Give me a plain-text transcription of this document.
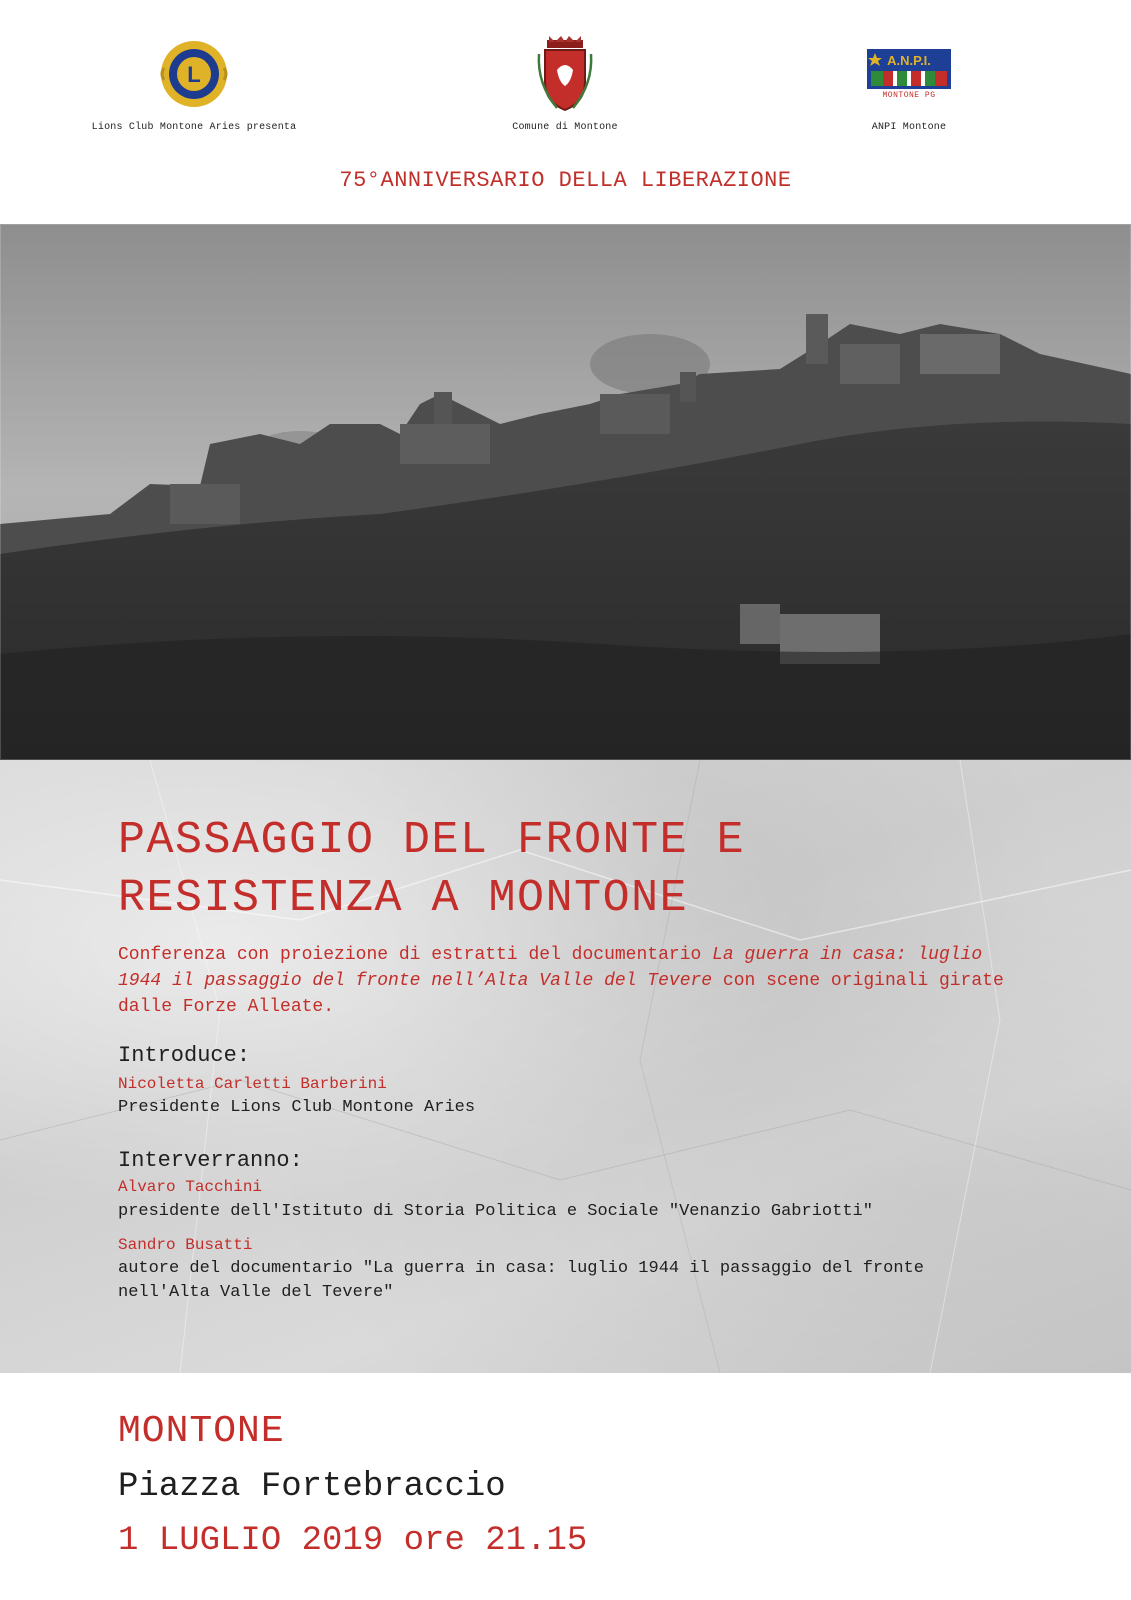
L
Lions Club Montone Aries presenta	Comune di Montone
A.N.P.I.
MONTONE PG
ANPI Montone
75°ANNIVERSARIO DELLA LIBERAZIONE
PASSAGGIO DEL FRONTE E
RESISTENZA A MONTONE
Conferenza con proiezione di estratti del documentario La guerra in casa: luglio 1944 il passaggio del fronte nell’Alta Valle del Tevere con scene originali girate dalle Forze Alleate.
Introduce:
Nicoletta Carletti Barberini
Presidente Lions Club Montone Aries
Interverranno:
Alvaro Tacchini
presidente dell'Istituto di Storia Politica e Sociale "Venanzio Gabriotti"
Sandro Busatti
autore del documentario "La guerra in casa: luglio 1944 il passaggio del fronte nell'Alta Valle del Tevere"
MONTONE
Piazza Fortebraccio
1 LUGLIO 2019 ore 21.15
